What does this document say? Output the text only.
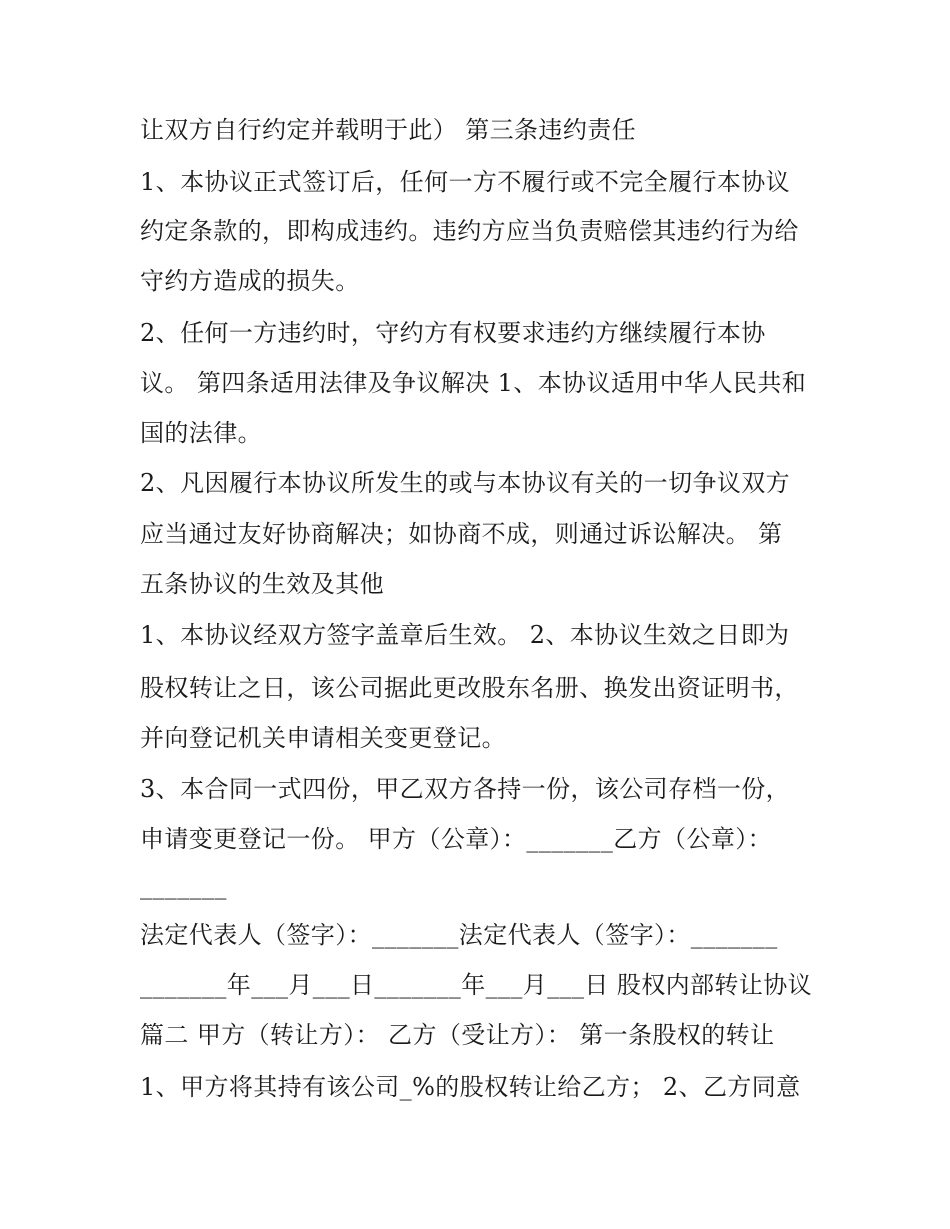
让双方自行约定并载明于此） 第三条违约责任
1、本协议正式签订后，任何一方不履行或不完全履行本协议
约定条款的，即构成违约。违约方应当负责赔偿其违约行为给
守约方造成的损失。
2、任何一方违约时，守约方有权要求违约方继续履行本协
议。 第四条适用法律及争议解决 1、本协议适用中华人民共和
国的法律。
2、凡因履行本协议所发生的或与本协议有关的一切争议双方
应当通过友好协商解决；如协商不成，则通过诉讼解决。 第
五条协议的生效及其他
1、本协议经双方签字盖章后生效。 2、本协议生效之日即为
股权转让之日，该公司据此更改股东名册、换发出资证明书，
并向登记机关申请相关变更登记。
3、本合同一式四份，甲乙双方各持一份，该公司存档一份，
申请变更登记一份。 甲方（公章）：_______乙方（公章）：
_______
法定代表人（签字）：_______法定代表人（签字）：_______
_______年___月___日_______年___月___日 股权内部转让协议
篇二 甲方（转让方）： 乙方（受让方）： 第一条股权的转让
1、甲方将其持有该公司_%的股权转让给乙方； 2、乙方同意
